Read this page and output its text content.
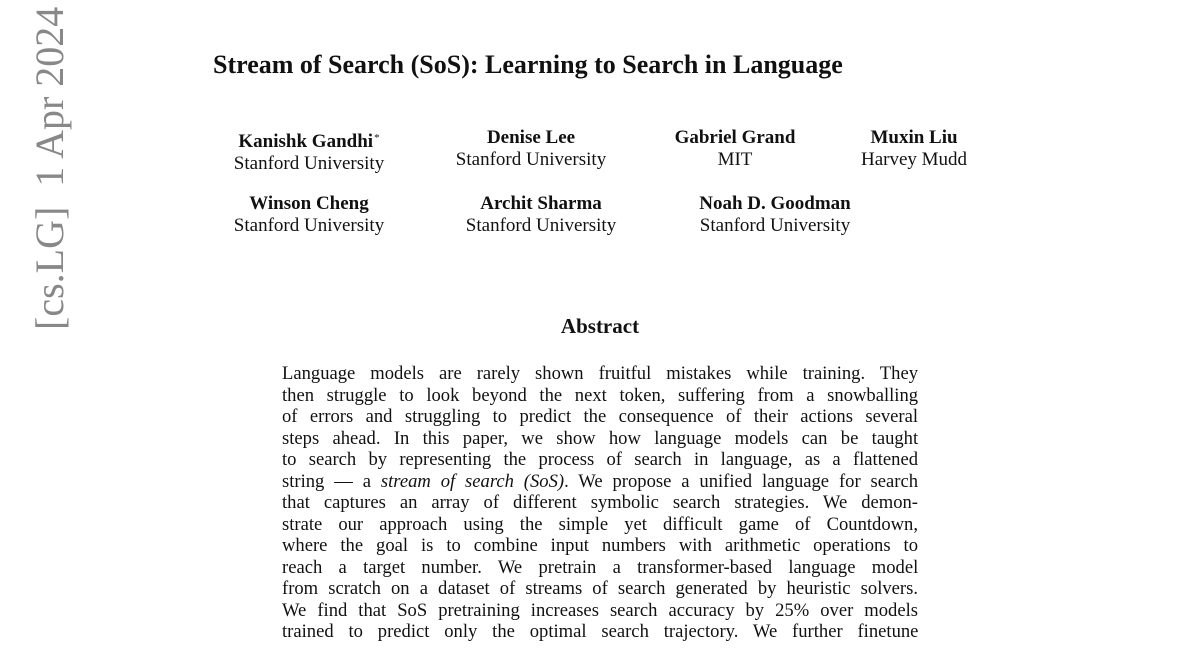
Stream of Search (SoS): Learning to Search in Language
Kanishk Gandhi*
Stanford University
Denise Lee
Stanford University
Gabriel Grand
MIT
Muxin Liu
Harvey Mudd
Winson Cheng
Stanford University
Archit Sharma
Stanford University
Noah D. Goodman
Stanford University
Abstract
Language models are rarely shown fruitful mistakes while training. They
then struggle to look beyond the next token, suffering from a snowballing
of errors and struggling to predict the consequence of their actions several
steps ahead. In this paper, we show how language models can be taught
to search by representing the process of search in language, as a flattened
string — a stream of search (SoS). We propose a unified language for search
that captures an array of different symbolic search strategies. We demon-
strate our approach using the simple yet difficult game of Countdown,
where the goal is to combine input numbers with arithmetic operations to
reach a target number. We pretrain a transformer-based language model
from scratch on a dataset of streams of search generated by heuristic solvers.
We find that SoS pretraining increases search accuracy by 25% over models
trained to predict only the optimal search trajectory. We further finetune
[cs.LG]  1 Apr 2024
